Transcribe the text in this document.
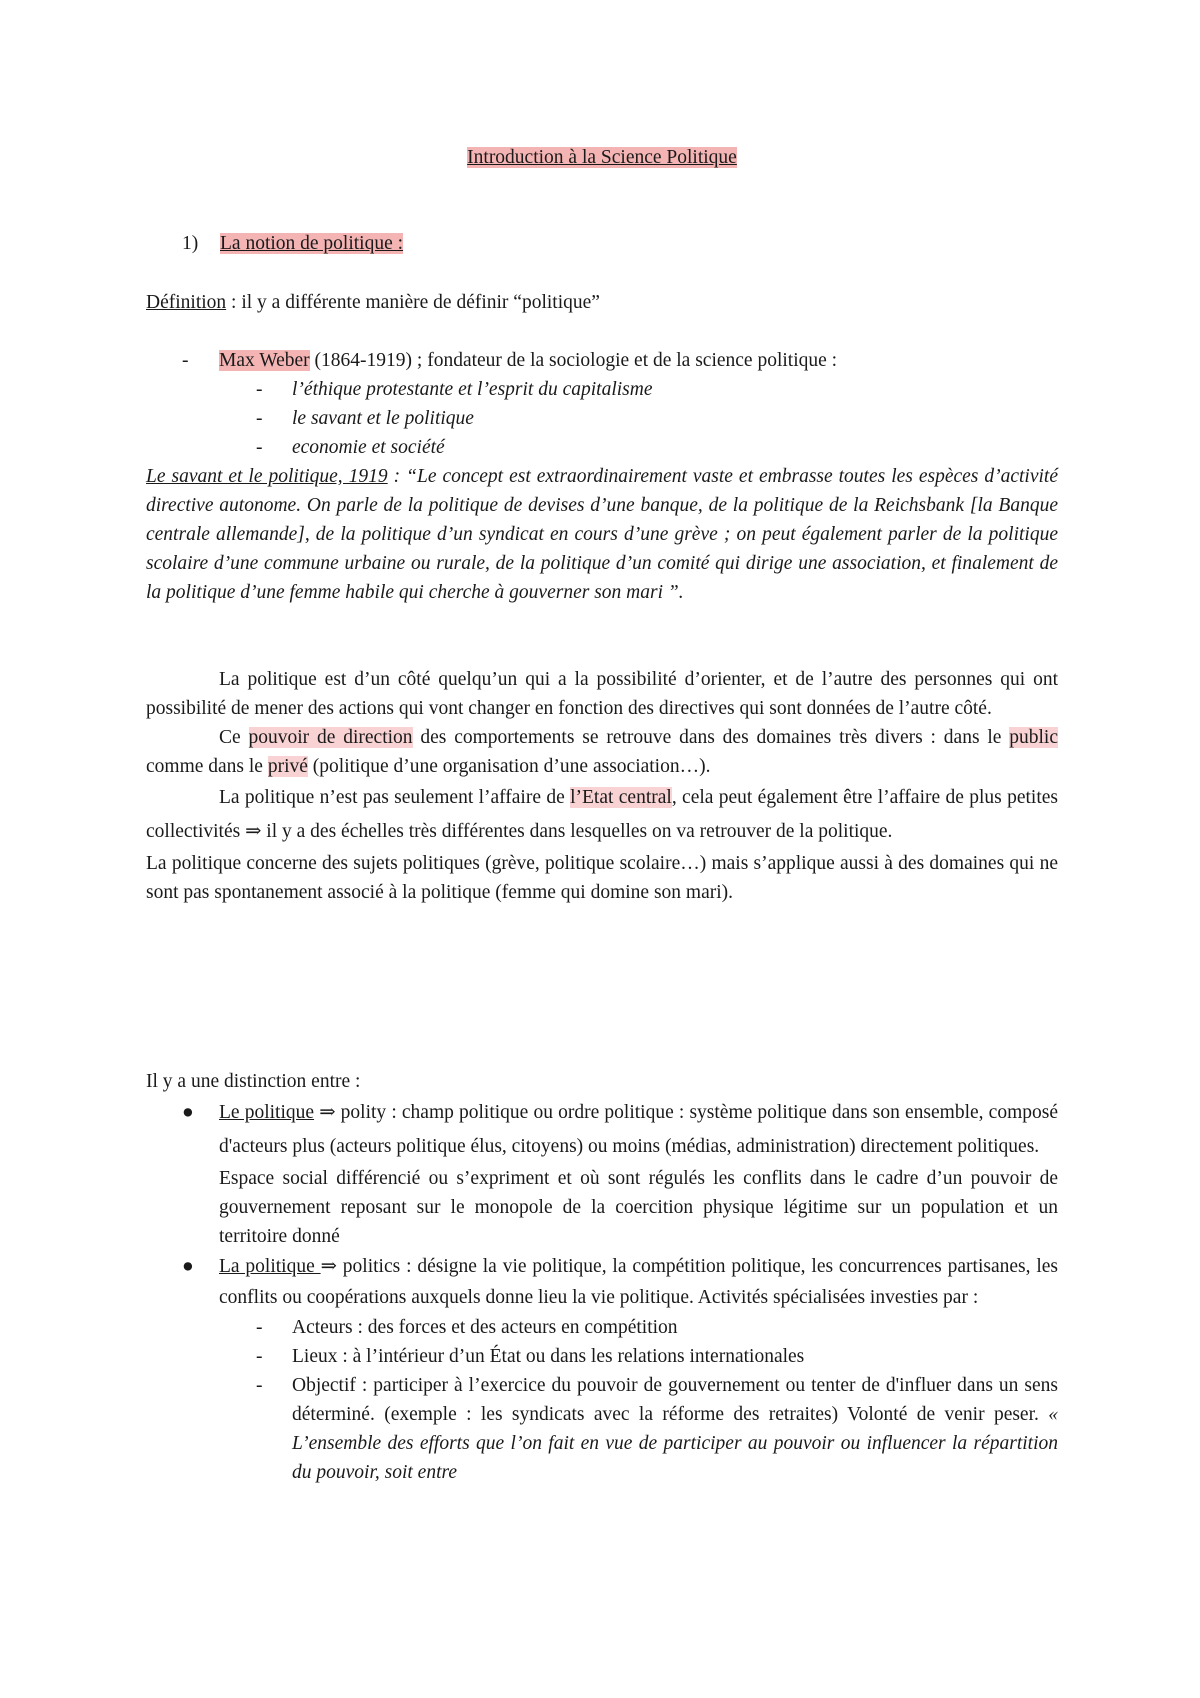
Introduction à la Science Politique
1) La notion de politique :
Définition : il y a différente manière de définir “politique”
- Max Weber (1864-1919) ; fondateur de la sociologie et de la science politique :
- l’éthique protestante et l’esprit du capitalisme
- le savant et le politique
- economie et société

Le savant et le politique, 1919 : “Le concept est extraordinairement vaste et embrasse toutes les espèces d’activité directive autonome. On parle de la politique de devises d’une banque, de la politique de la Reichsbank [la Banque centrale allemande], de la politique d’un syndicat en cours d’une grève ; on peut également parler de la politique scolaire d’une commune urbaine ou rurale, de la politique d’un comité qui dirige une association, et finalement de la politique d’une femme habile qui cherche à gouverner son mari ”.

La politique est d’un côté quelqu’un qui a la possibilité d’orienter, et de l’autre des personnes qui ont possibilité de mener des actions qui vont changer en fonction des directives qui sont données de l’autre côté.

Ce pouvoir de direction des comportements se retrouve dans des domaines très divers : dans le public comme dans le privé (politique d’une organisation d’une association…).

La politique n’est pas seulement l’affaire de l’Etat central, cela peut également être l’affaire de plus petites collectivités ⇒ il y a des échelles très différentes dans lesquelles on va retrouver de la politique.

La politique concerne des sujets politiques (grève, politique scolaire…) mais s’applique aussi à des domaines qui ne sont pas spontanement associé à la politique (femme qui domine son mari).

Il y a une distinction entre :

● Le politique ⇒ polity : champ politique ou ordre politique : système politique dans son ensemble, composé d'acteurs plus (acteurs politique élus, citoyens) ou moins (médias, administration) directement politiques.
Espace social différencié ou s’expriment et où sont régulés les conflits dans le cadre d’un pouvoir de gouvernement reposant sur le monopole de la coercition physique légitime sur un population et un territoire donné
● La politique ⇒ politics : désigne la vie politique, la compétition politique, les concurrences partisanes, les conflits ou coopérations auxquels donne lieu la vie politique. Activités spécialisées investies par :
- Acteurs : des forces et des acteurs en compétition
- Lieux : à l’intérieur d’un État ou dans les relations internationales
- Objectif : participer à l’exercice du pouvoir de gouvernement ou tenter de d'influer dans un sens déterminé. (exemple : les syndicats avec la réforme des retraites) Volonté de venir peser. « L’ensemble des efforts que l’on fait en vue de participer au pouvoir ou influencer la répartition du pouvoir, soit entre
